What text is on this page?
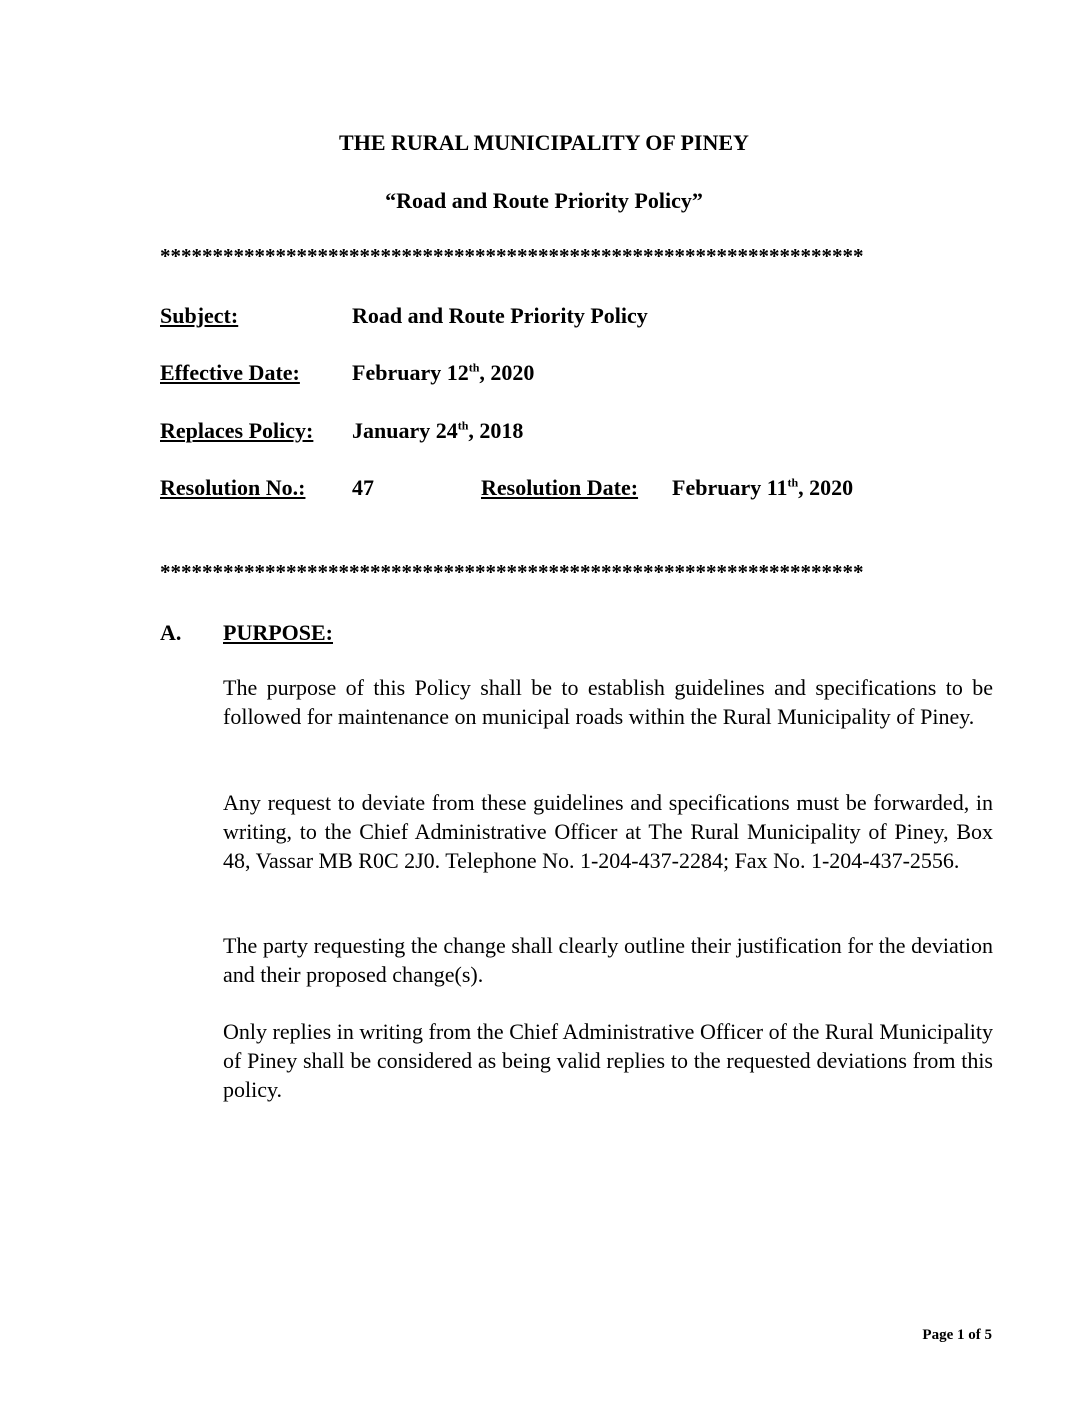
THE RURAL MUNICIPALITY OF PINEY
“Road and Route Priority Policy”
*******************************************************************
Subject:	Road and Route Priority Policy
Effective Date: February 12th, 2020
Replaces Policy: January 24th, 2018
Resolution No.: 47	Resolution Date: February 11th, 2020
*******************************************************************
A. PURPOSE:

The purpose of this Policy shall be to establish guidelines and specifications to be followed for maintenance on municipal roads within the Rural Municipality of Piney.

Any request to deviate from these guidelines and specifications must be forwarded, in writing, to the Chief Administrative Officer at The Rural Municipality of Piney, Box 48, Vassar MB R0C 2J0. Telephone No. 1-204-437-2284; Fax No. 1-204-437-2556.

The party requesting the change shall clearly outline their justification for the deviation and their proposed change(s).

Only replies in writing from the Chief Administrative Officer of the Rural Municipality of Piney shall be considered as being valid replies to the requested deviations from this policy.

Page 1 of 5
